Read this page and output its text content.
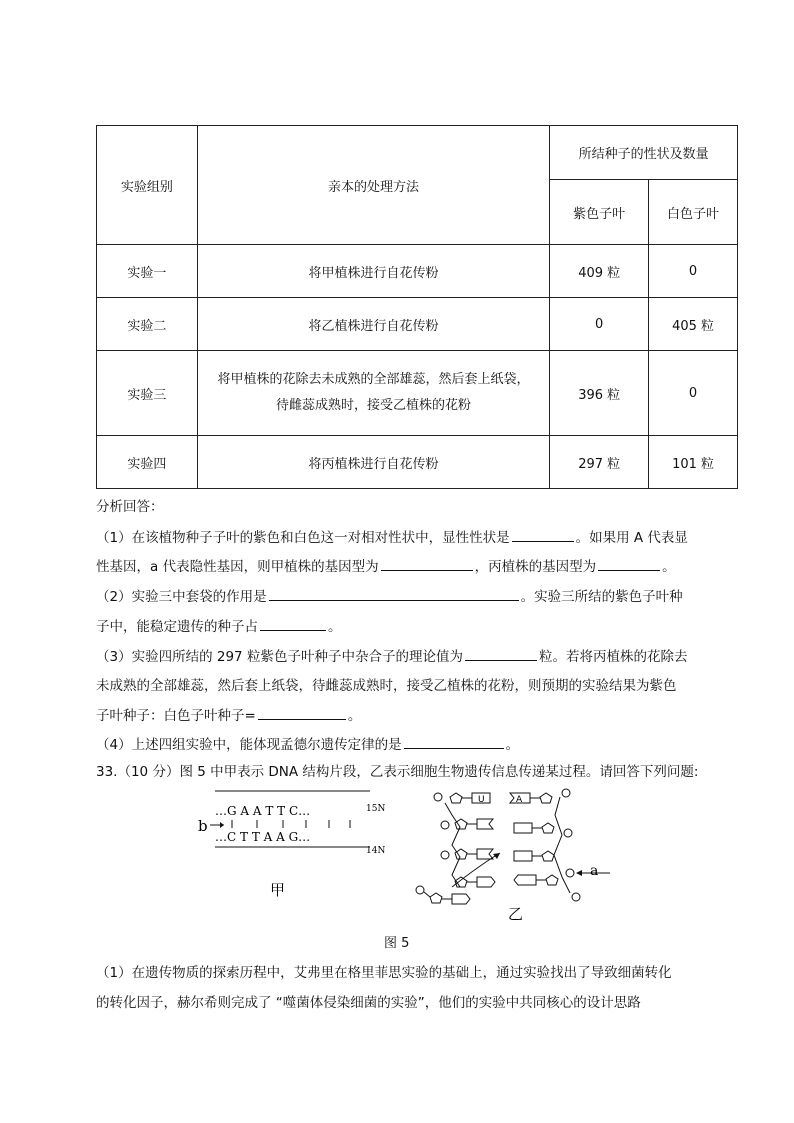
实验组别	亲本的处理方法	所结种子的性状及数量	
		紫色子叶	白色子叶
实验一	将甲植株进行自花传粉	409 粒	0
实验二	将乙植株进行自花传粉	0	405 粒
实验三	将甲植株的花除去未成熟的全部雄蕊，然后套上纸袋，
待雌蕊成熟时，接受乙植株的花粉	396 粒	0
实验四	将丙植株进行自花传粉	297 粒	101 粒
分析回答：
（1）在该植物种子子叶的紫色和白色这一对相对性状中，显性性状是	。如果用 A 代表显
性基因，a 代表隐性基因，则甲植株的基因型为	，丙植株的基因型为	。
（2）实验三中套袋的作用是	。实验三所结的紫色子叶种
子中，能稳定遗传的种子占	。
（3）实验四所结的 297 粒紫色子叶种子中杂合子的理论值为	粒。若将丙植株的花除去
未成熟的全部雄蕊，然后套上纸袋，待雌蕊成熟时，接受乙植株的花粉，则预期的实验结果为紫色
子叶种子：白色子叶种子=	。
（4）上述四组实验中，能体现孟德尔遗传定律的是	。
33.（10 分）图 5 中甲表示 DNA 结构片段，乙表示细胞生物遗传信息传递某过程。请回答下列问题:
…G A A T T C…	15N
…C T T A A G…
14N
b
甲
U	A
a
乙
图 5
（1）在遗传物质的探索历程中，艾弗里在格里菲思实验的基础上，通过实验找出了导致细菌转化
的转化因子，赫尔希则完成了 “噬菌体侵染细菌的实验”，他们的实验中共同核心的设计思路
